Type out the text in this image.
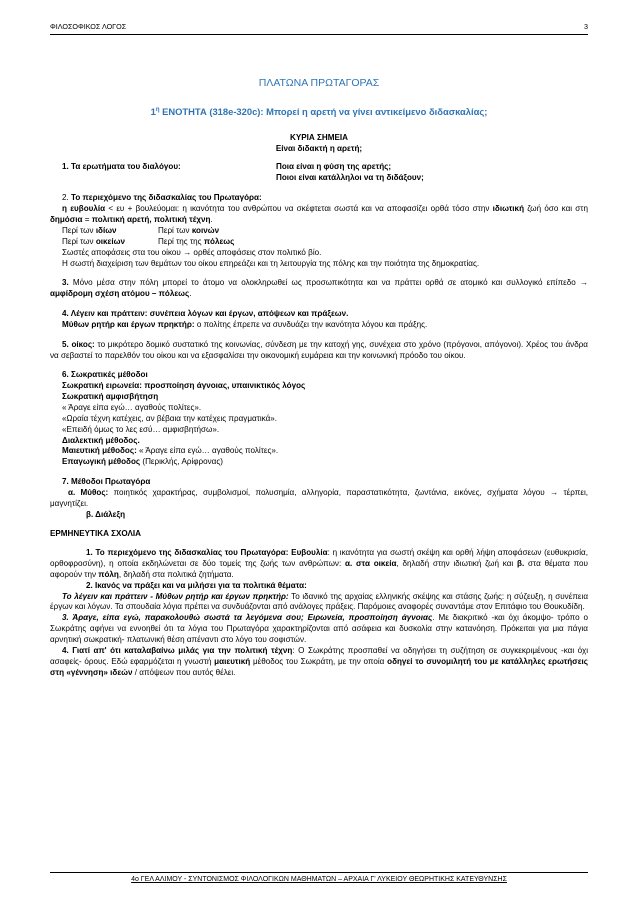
ΦΙΛΟΣΟΦΙΚΟΣ ΛΟΓΟΣ	3
ΠΛΑΤΩΝΑ ΠΡΩΤΑΓΟΡΑΣ
$1^\eta$ ΕΝΟΤΗΤΑ (318e-320c): Μπορεί η αρετή να γίνει αντικείμενο διδασκαλίας;
ΚΥΡΙΑ ΣΗΜΕΙΑ
Είναι διδακτή η αρετή;
1. Τα ερωτήματα του διαλόγου:	Ποια είναι η φύση της αρετής;
Ποιοι είναι κατάλληλοι να τη διδάξουν;

2. Το περιεχόμενο της διδασκαλίας του Πρωταγόρα:

η ευβουλία < ευ + βουλεύομαι: η ικανότητα του ανθρώπου να σκέφτεται σωστά και να αποφασίζει ορθά τόσο στην ιδιωτική ζωή όσο και στη δημόσια = πολιτική αρετή, πολιτική τέχνη.

Περί των ιδίων	Περί των κοινών

Περί των οικείων	Περί της της πόλεως

Σωστές αποφάσεις στα του οίκου → ορθές αποφάσεις στον πολιτικό βίο.

Η σωστή διαχείριση των θεμάτων του οίκου επηρεάζει και τη λειτουργία της πόλης και την ποιότητα της δημοκρατίας.

3. Μόνο μέσα στην πόλη μπορεί το άτομο να ολοκληρωθεί ως προσωπικότητα και να πράττει ορθά σε ατομικό και συλλογικό επίπεδο → αμφίδρομη σχέση ατόμου – πόλεως.

4. Λέγειν και πράττειν: συνέπεια λόγων και έργων, απόψεων και πράξεων.

Μύθων ρητήρ και έργων πρηκτήρ: ο πολίτης έπρεπε να συνδυάζει την ικανότητα λόγου και πράξης.

5. οίκος: το μικρότερο δομικό συστατικό της κοινωνίας, σύνδεση με την κατοχή γης, συνέχεια στο χρόνο (πρόγονοι, απόγονοι). Χρέος του άνδρα να σεβαστεί το παρελθόν του οίκου και να εξασφαλίσει την οικονομική ευμάρεια και την κοινωνική πρόοδο του οίκου.

6. Σωκρατικές μέθοδοι

Σωκρατική ειρωνεία: προσποίηση άγνοιας, υπαινικτικός λόγος

Σωκρατική αμφισβήτηση

« Άραγε είπα εγώ… αγαθούς πολίτες».

«Ωραία τέχνη κατέχεις, αν βέβαια την κατέχεις πραγματικά».

«Επειδή όμως το λες εσύ… αμφισβητήσω».

Διαλεκτική μέθοδος.

Μαιευτική μέθοδος: « Άραγε είπα εγώ… αγαθούς πολίτες».

Επαγωγική μέθοδος (Περικλής, Αρίφρονας)

7. Μέθοδοι Πρωταγόρα

α. Μύθος: ποιητικός χαρακτήρας, συμβολισμοί, πολυσημία, αλληγορία, παραστατικότητα, ζωντάνια, εικόνες, σχήματα λόγου → τέρπει, μαγνητίζει.

β. Διάλεξη

ΕΡΜΗΝΕΥΤΙΚΑ ΣΧΟΛΙΑ

1. Το περιεχόμενο της διδασκαλίας του Πρωταγόρα: Ευβουλία: η ικανότητα για σωστή σκέψη και ορθή λήψη αποφάσεων (ευθυκρισία, ορθοφροσύνη), η οποία εκδηλώνεται σε δύο τομείς της ζωής των ανθρώπων: α. στα οικεία, δηλαδή στην ιδιωτική ζωή και β. στα θέματα που αφορούν την πόλη, δηλαδή στα πολιτικά ζητήματα.

2. Ικανός να πράξει και να μιλήσει για τα πολιτικά θέματα:

Το λέγειν και πράττειν - Μύθων ρητήρ και έργων πρηκτήρ: Το ιδανικό της αρχαίας ελληνικής σκέψης και στάσης ζωής: η σύζευξη, η συνέπεια έργων και λόγων. Τα σπουδαία λόγια πρέπει να συνδυάζονται από ανάλογες πράξεις. Παρόμοιες αναφορές συναντάμε στον Επιτάφιο του Θουκυδίδη.

3. Άραγε, είπα εγώ, παρακολουθώ σωστά τα λεγόμενα σου; Ειρωνεία, προσποίηση άγνοιας. Με διακριτικό -και όχι άκομψο- τρόπο ο Σωκράτης αφήνει να εννοηθεί ότι τα λόγια του Πρωταγόρα χαρακτηρίζονται από ασάφεια και δυσκολία στην κατανόηση. Πρόκειται για μια πάγια αρνητική σωκρατική- πλατωνική θέση απέναντι στο λόγο του σοφιστών.

4. Γιατί απ' ότι καταλαβαίνω μιλάς για την πολιτική τέχνη: Ο Σωκράτης προσπαθεί να οδηγήσει τη συζήτηση σε συγκεκριμένους -και όχι ασαφείς- όρους. Εδώ εφαρμόζεται η γνωστή μαιευτική μέθοδος του Σωκράτη, με την οποία οδηγεί το συνομιλητή του με κατάλληλες ερωτήσεις στη «γέννηση» ιδεών / απόψεων που αυτός θέλει.

4ο ΓΕΛ ΑΛΙΜΟΥ - ΣΥΝΤΟΝΙΣΜΟΣ ΦΙΛΟΛΟΓΙΚΩΝ ΜΑΘΗΜΑΤΩΝ – ΑΡΧΑΙΑ Γ' ΛΥΚΕΙΟΥ ΘΕΩΡΗΤΙΚΗΣ ΚΑΤΕΥΘΥΝΣΗΣ
